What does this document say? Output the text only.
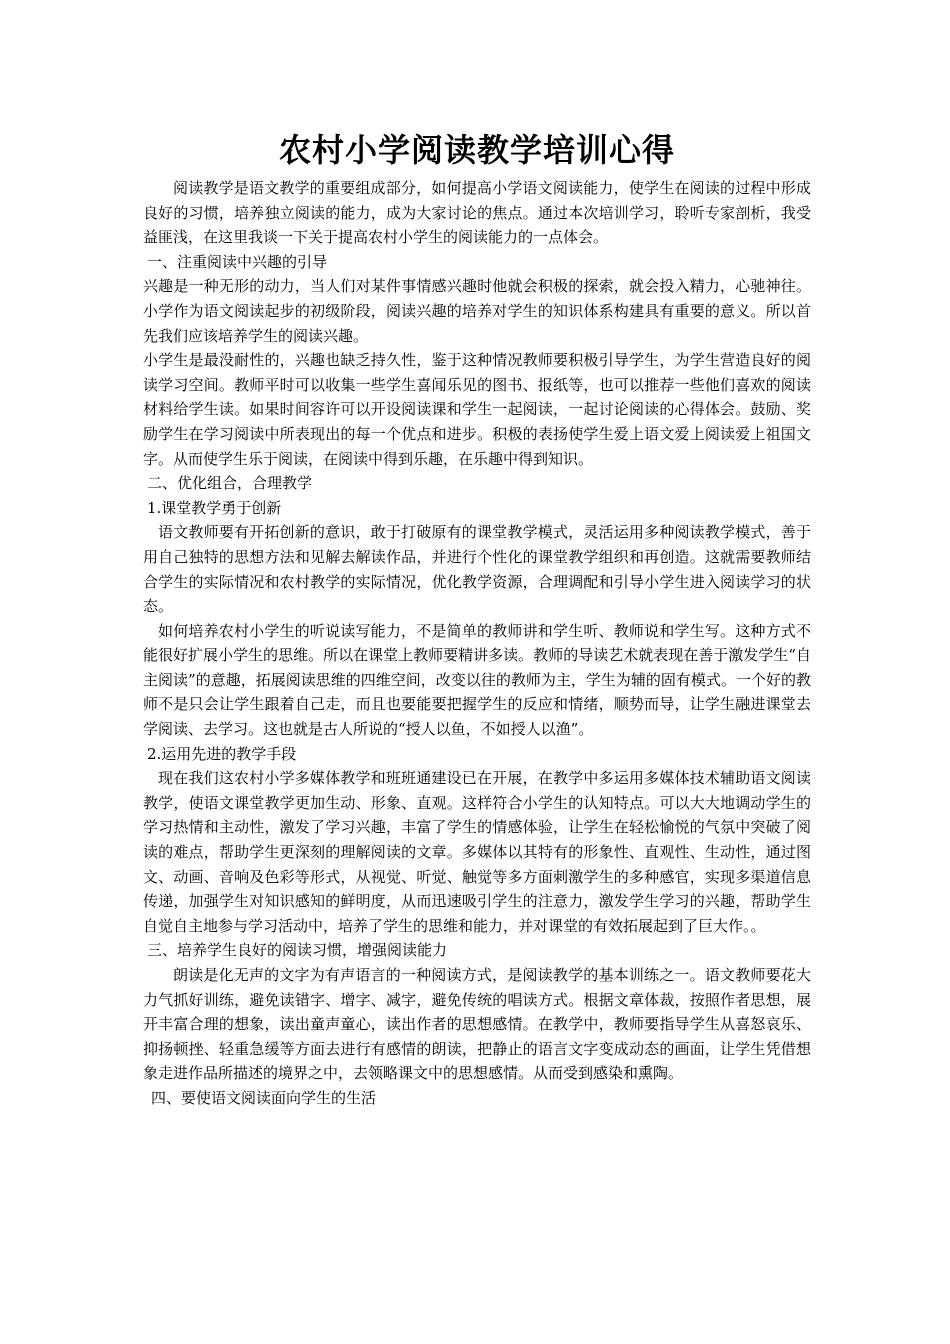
农村小学阅读教学培训心得

阅读教学是语文教学的重要组成部分，如何提高小学语文阅读能力，使学生在阅读的过程中形成良好的习惯，培养独立阅读的能力，成为大家讨论的焦点。通过本次培训学习，聆听专家剖析，我受益匪浅，在这里我谈一下关于提高农村小学生的阅读能力的一点体会。

一、注重阅读中兴趣的引导

兴趣是一种无形的动力，当人们对某件事情感兴趣时他就会积极的探索，就会投入精力，心驰神往。小学作为语文阅读起步的初级阶段，阅读兴趣的培养对学生的知识体系构建具有重要的意义。所以首先我们应该培养学生的阅读兴趣。

小学生是最没耐性的，兴趣也缺乏持久性，鉴于这种情况教师要积极引导学生，为学生营造良好的阅读学习空间。教师平时可以收集一些学生喜闻乐见的图书、报纸等，也可以推荐一些他们喜欢的阅读材料给学生读。如果时间容许可以开设阅读课和学生一起阅读，一起讨论阅读的心得体会。鼓励、奖励学生在学习阅读中所表现出的每一个优点和进步。积极的表扬使学生爱上语文爱上阅读爱上祖国文字。从而使学生乐于阅读，在阅读中得到乐趣，在乐趣中得到知识。

二、优化组合，合理教学

1.课堂教学勇于创新

语文教师要有开拓创新的意识，敢于打破原有的课堂教学模式，灵活运用多种阅读教学模式，善于用自己独特的思想方法和见解去解读作品，并进行个性化的课堂教学组织和再创造。这就需要教师结合学生的实际情况和农村教学的实际情况，优化教学资源，合理调配和引导小学生进入阅读学习的状态。

如何培养农村小学生的听说读写能力，不是简单的教师讲和学生听、教师说和学生写。这种方式不能很好扩展小学生的思维。所以在课堂上教师要精讲多读。教师的导读艺术就表现在善于激发学生“自主阅读”的意趣，拓展阅读思维的四维空间，改变以往的教师为主，学生为辅的固有模式。一个好的教师不是只会让学生跟着自己走，而且也要能要把握学生的反应和情绪，顺势而导，让学生融进课堂去学阅读、去学习。这也就是古人所说的“授人以鱼，不如授人以渔”。

2.运用先进的教学手段

现在我们这农村小学多媒体教学和班班通建设已在开展，在教学中多运用多媒体技术辅助语文阅读教学，使语文课堂教学更加生动、形象、直观。这样符合小学生的认知特点。可以大大地调动学生的学习热情和主动性，激发了学习兴趣，丰富了学生的情感体验，让学生在轻松愉悦的气氛中突破了阅读的难点，帮助学生更深刻的理解阅读的文章。多媒体以其特有的形象性、直观性、生动性，通过图文、动画、音响及色彩等形式，从视觉、听觉、触觉等多方面刺激学生的多种感官，实现多渠道信息传递，加强学生对知识感知的鲜明度，从而迅速吸引学生的注意力，激发学生学习的兴趣，帮助学生自觉自主地参与学习活动中，培养了学生的思维和能力，并对课堂的有效拓展起到了巨大作。。

三、培养学生良好的阅读习惯，增强阅读能力

朗读是化无声的文字为有声语言的一种阅读方式，是阅读教学的基本训练之一。语文教师要花大力气抓好训练，避免读错字、增字、减字，避免传统的唱读方式。根据文章体裁，按照作者思想，展开丰富合理的想象，读出童声童心，读出作者的思想感情。在教学中，教师要指导学生从喜怒哀乐、抑扬顿挫、轻重急缓等方面去进行有感情的朗读，把静止的语言文字变成动态的画面，让学生凭借想象走进作品所描述的境界之中，去领略课文中的思想感情。从而受到感染和熏陶。

四、要使语文阅读面向学生的生活
